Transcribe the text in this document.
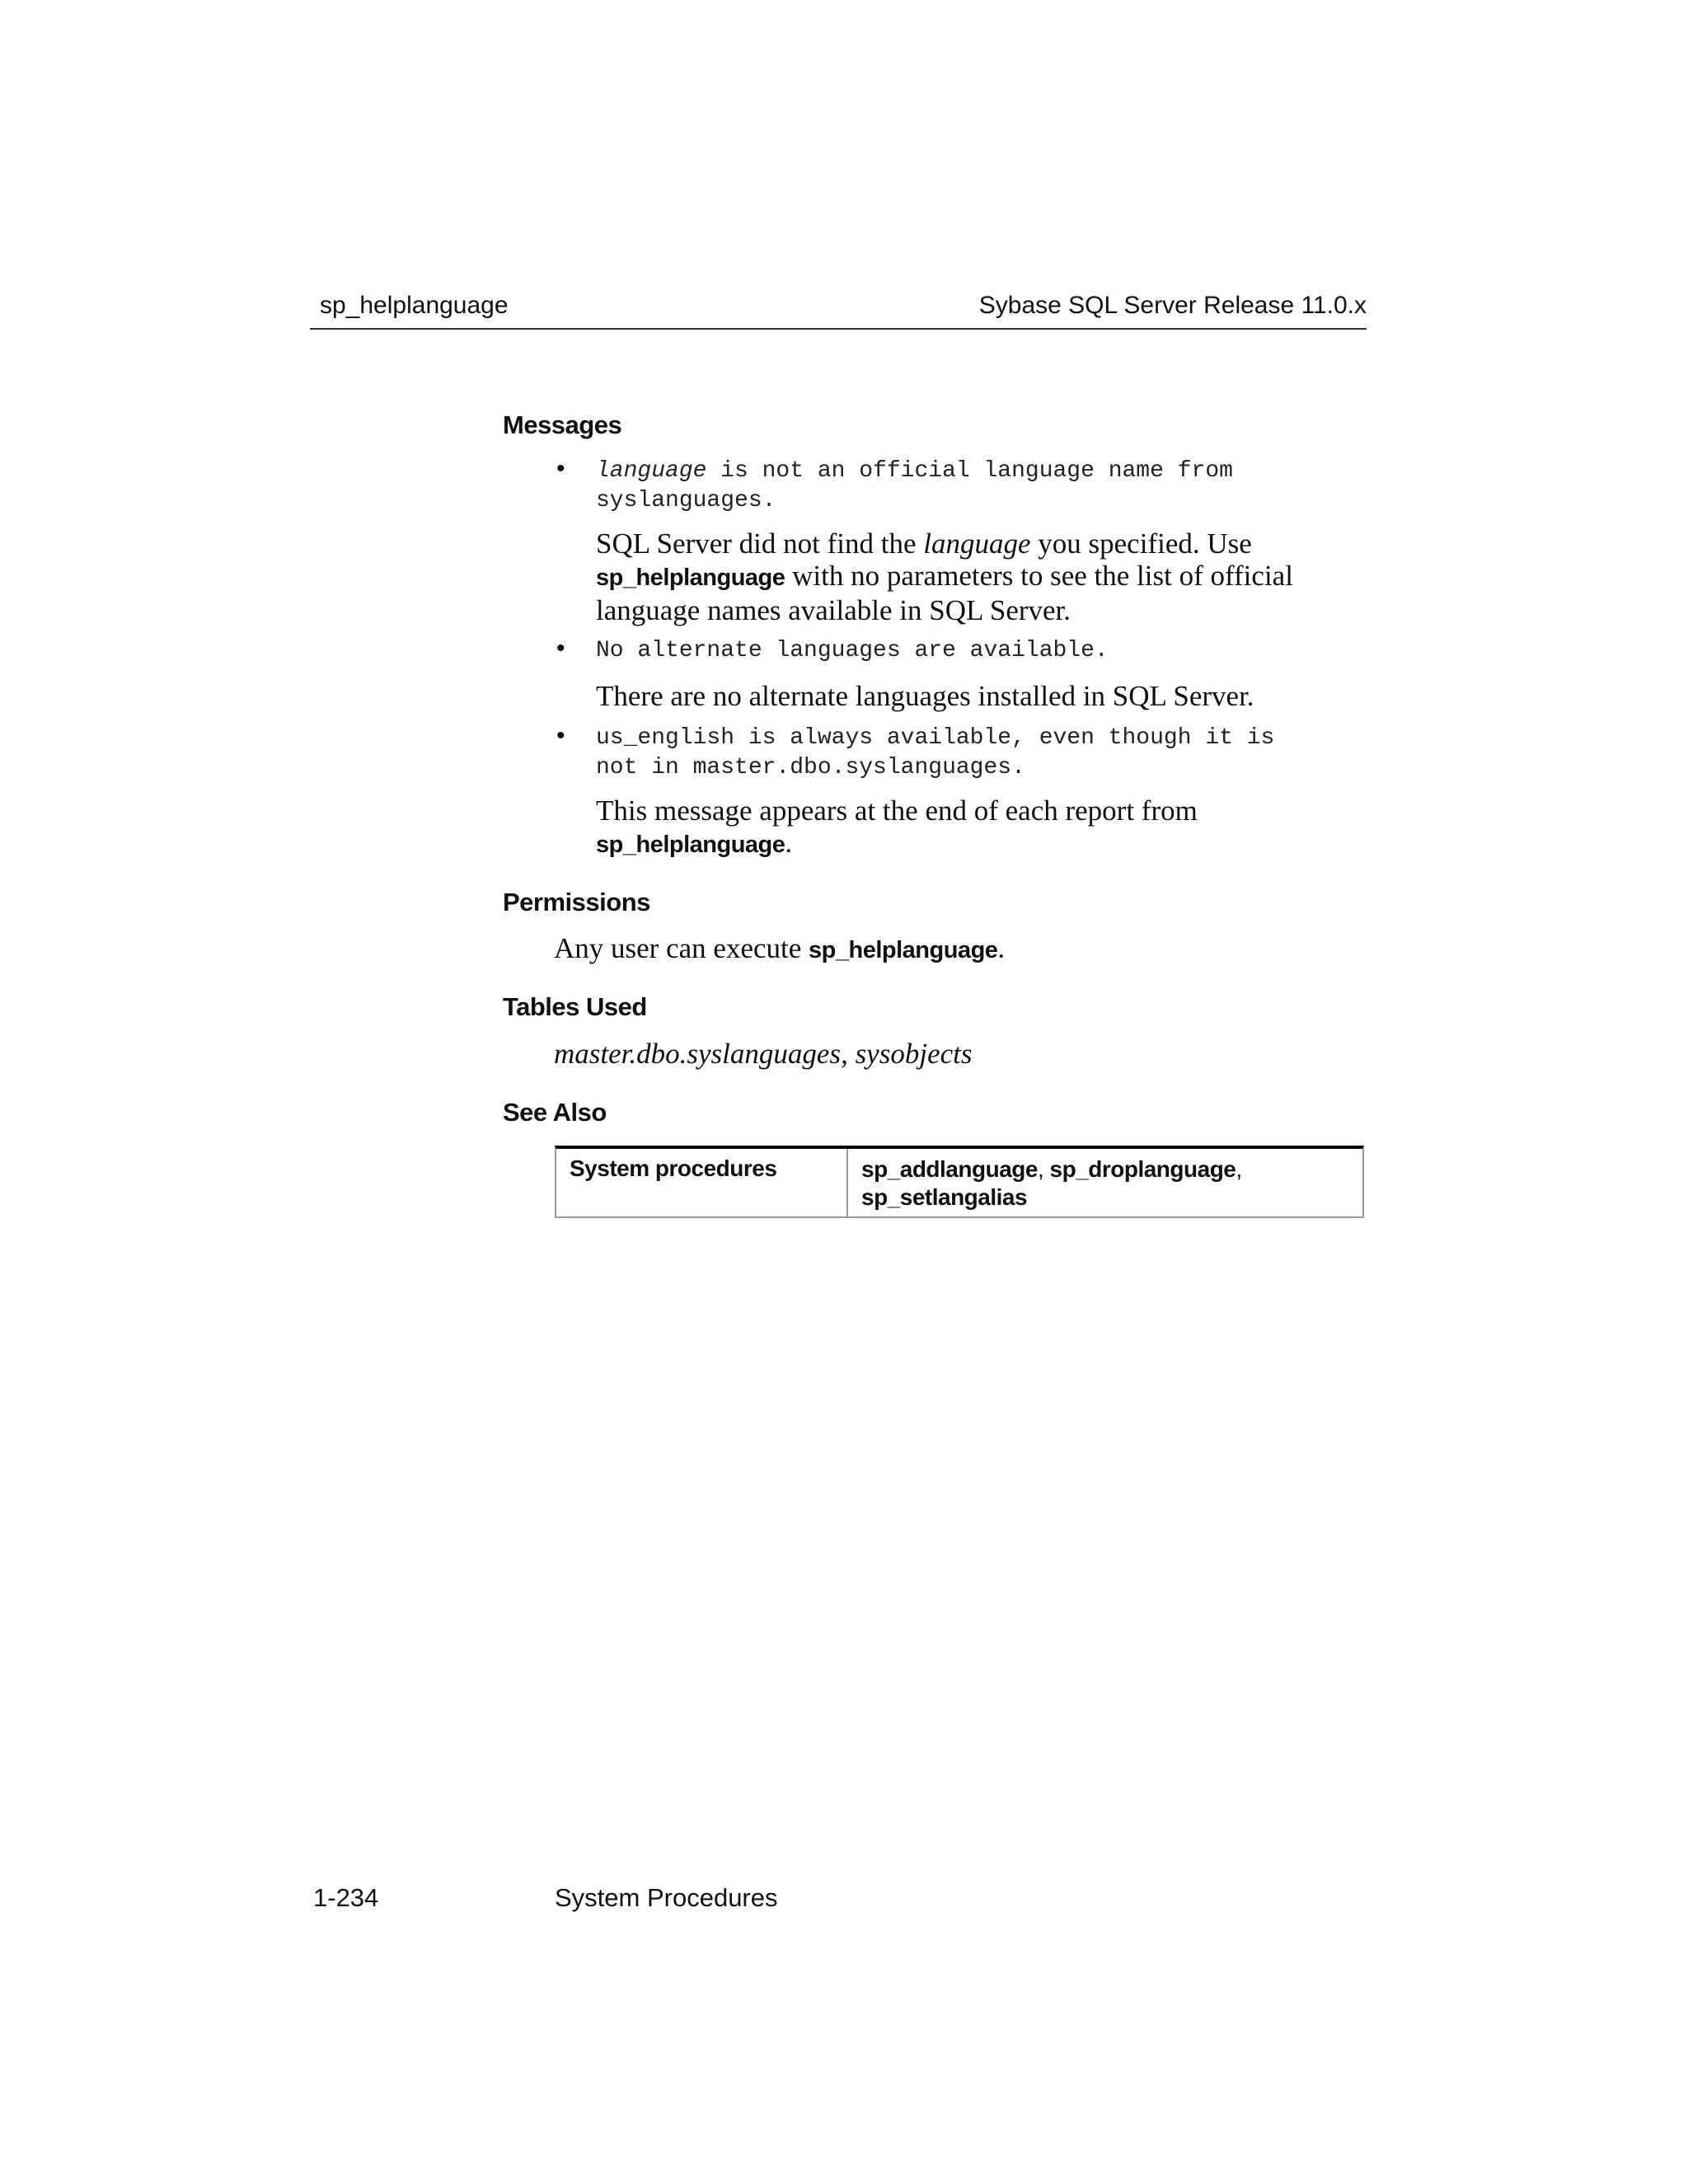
sp_helplanguage	Sybase SQL Server Release 11.0.x
Messages
• language is not an official language name from
syslanguages.
SQL Server did not find the language you specified. Use
sp_helplanguage with no parameters to see the list of official
language names available in SQL Server.
• No alternate languages are available.
There are no alternate languages installed in SQL Server.
• us_english is always available, even though it is
not in master.dbo.syslanguages.
This message appears at the end of each report from
sp_helplanguage.
Permissions
Any user can execute sp_helplanguage.
Tables Used
master.dbo.syslanguages, sysobjects
See Also
System procedures	sp_addlanguage, sp_droplanguage,
sp_setlangalias
1-234	System Procedures
